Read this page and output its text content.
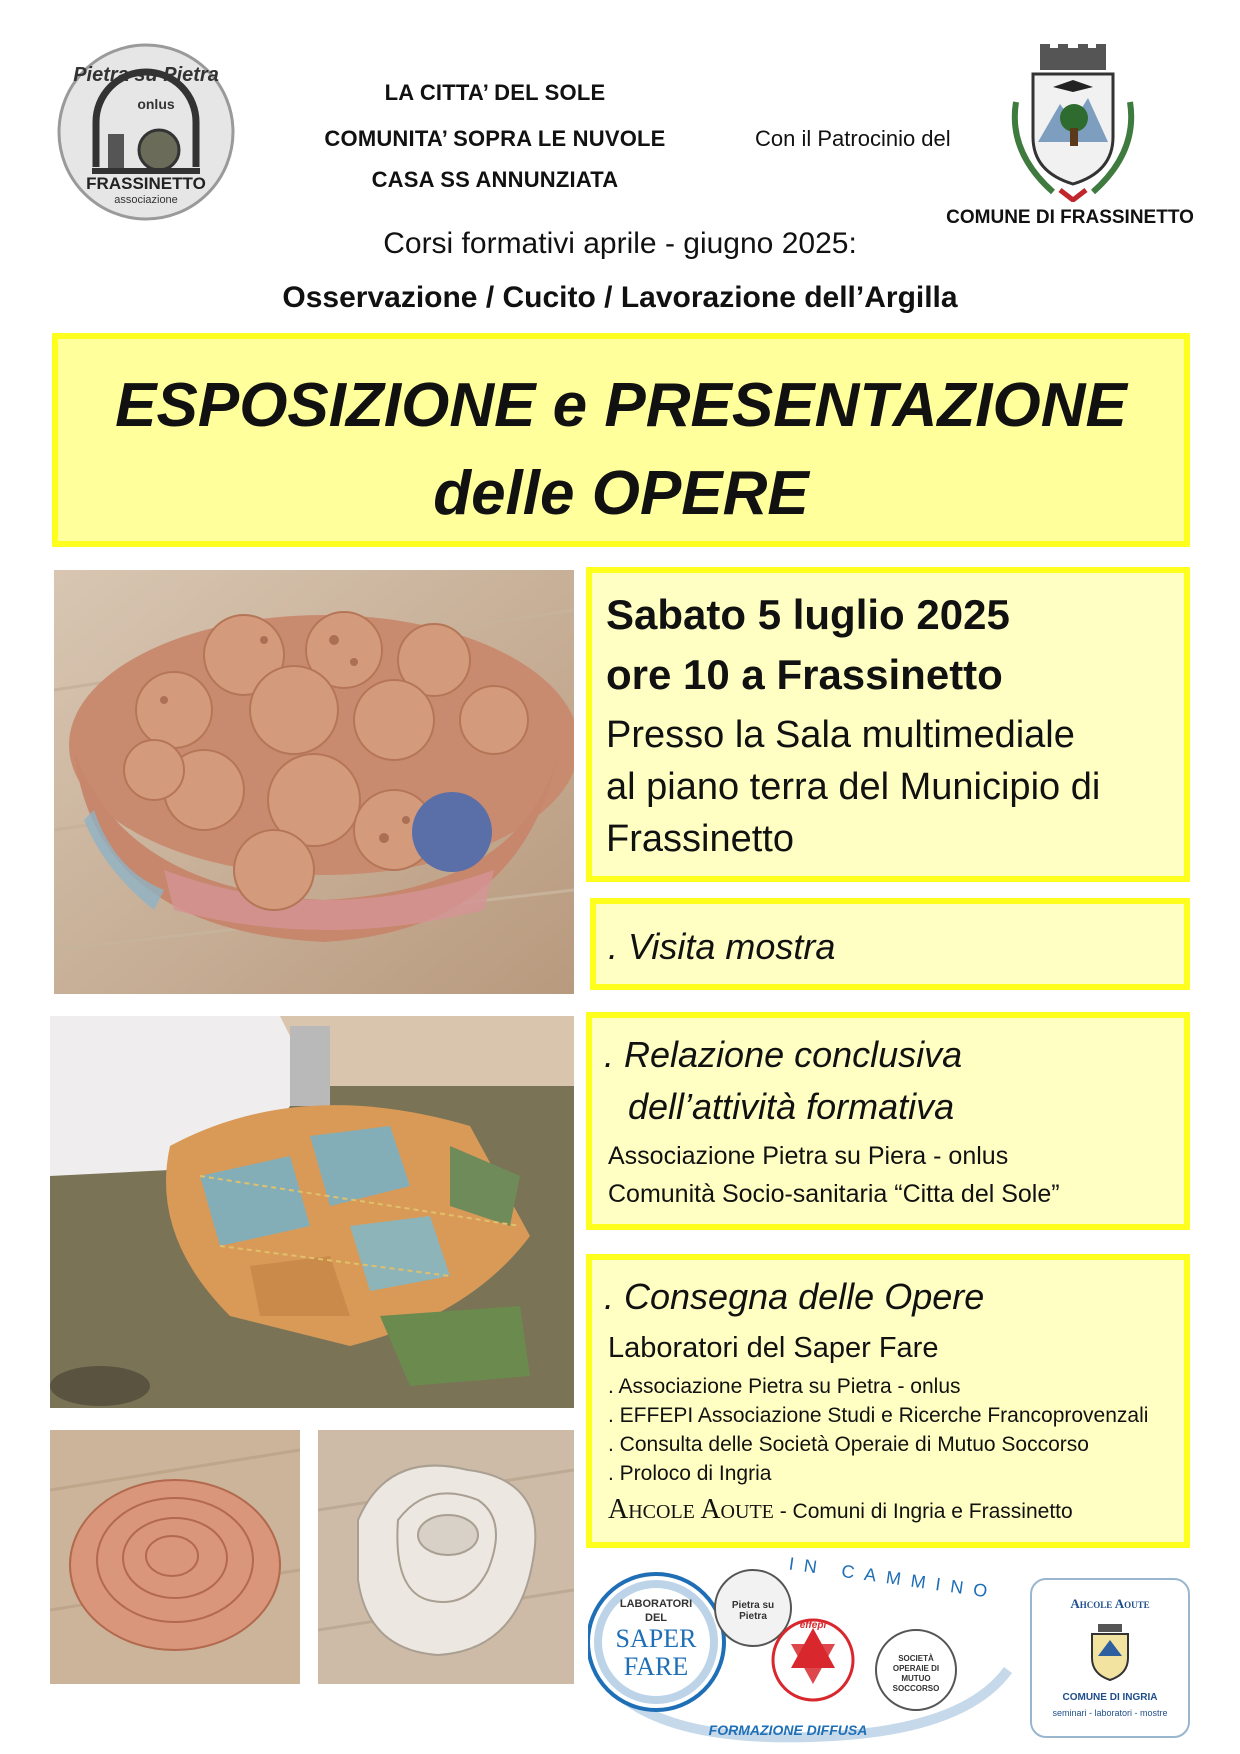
Pietra su Pietra
onlus
FRASSINETTO
associazione
LA CITTA’ DEL SOLE
COMUNITA’ SOPRA LE NUVOLE
CASA SS ANNUNZIATA
Con il Patrocinio del
COMUNE DI FRASSINETTO
Corsi formativi aprile - giugno 2025:
Osservazione / Cucito / Lavorazione dell’Argilla
ESPOSIZIONE e PRESENTAZIONE
delle OPERE
Sabato 5 luglio 2025
ore 10 a Frassinetto
Presso la Sala multimediale
al piano terra del Municipio di
Frassinetto
. Visita mostra
. Relazione conclusiva
dell’attività formativa
Associazione Pietra su Piera - onlus
Comunità Socio-sanitaria “Citta del Sole”
. Consegna delle Opere
Laboratori del Saper Fare
. Associazione Pietra su Pietra - onlus
. EFFEPI Associazione Studi e Ricerche Francoprovenzali
. Consulta delle Società Operaie di Mutuo Soccorso
. Proloco di Ingria
Ahcole Aoute - Comuni di Ingria e Frassinetto
LABORATORI
DEL
SAPER
FARE
FORMAZIONE DIFFUSA
IN CAMMINO
Pietra su Pietra
effepi
SOCIETÀ OPERAIE DI MUTUO SOCCORSO
Ahcole Aoute
COMUNE DI INGRIA
seminari - laboratori - mostre
